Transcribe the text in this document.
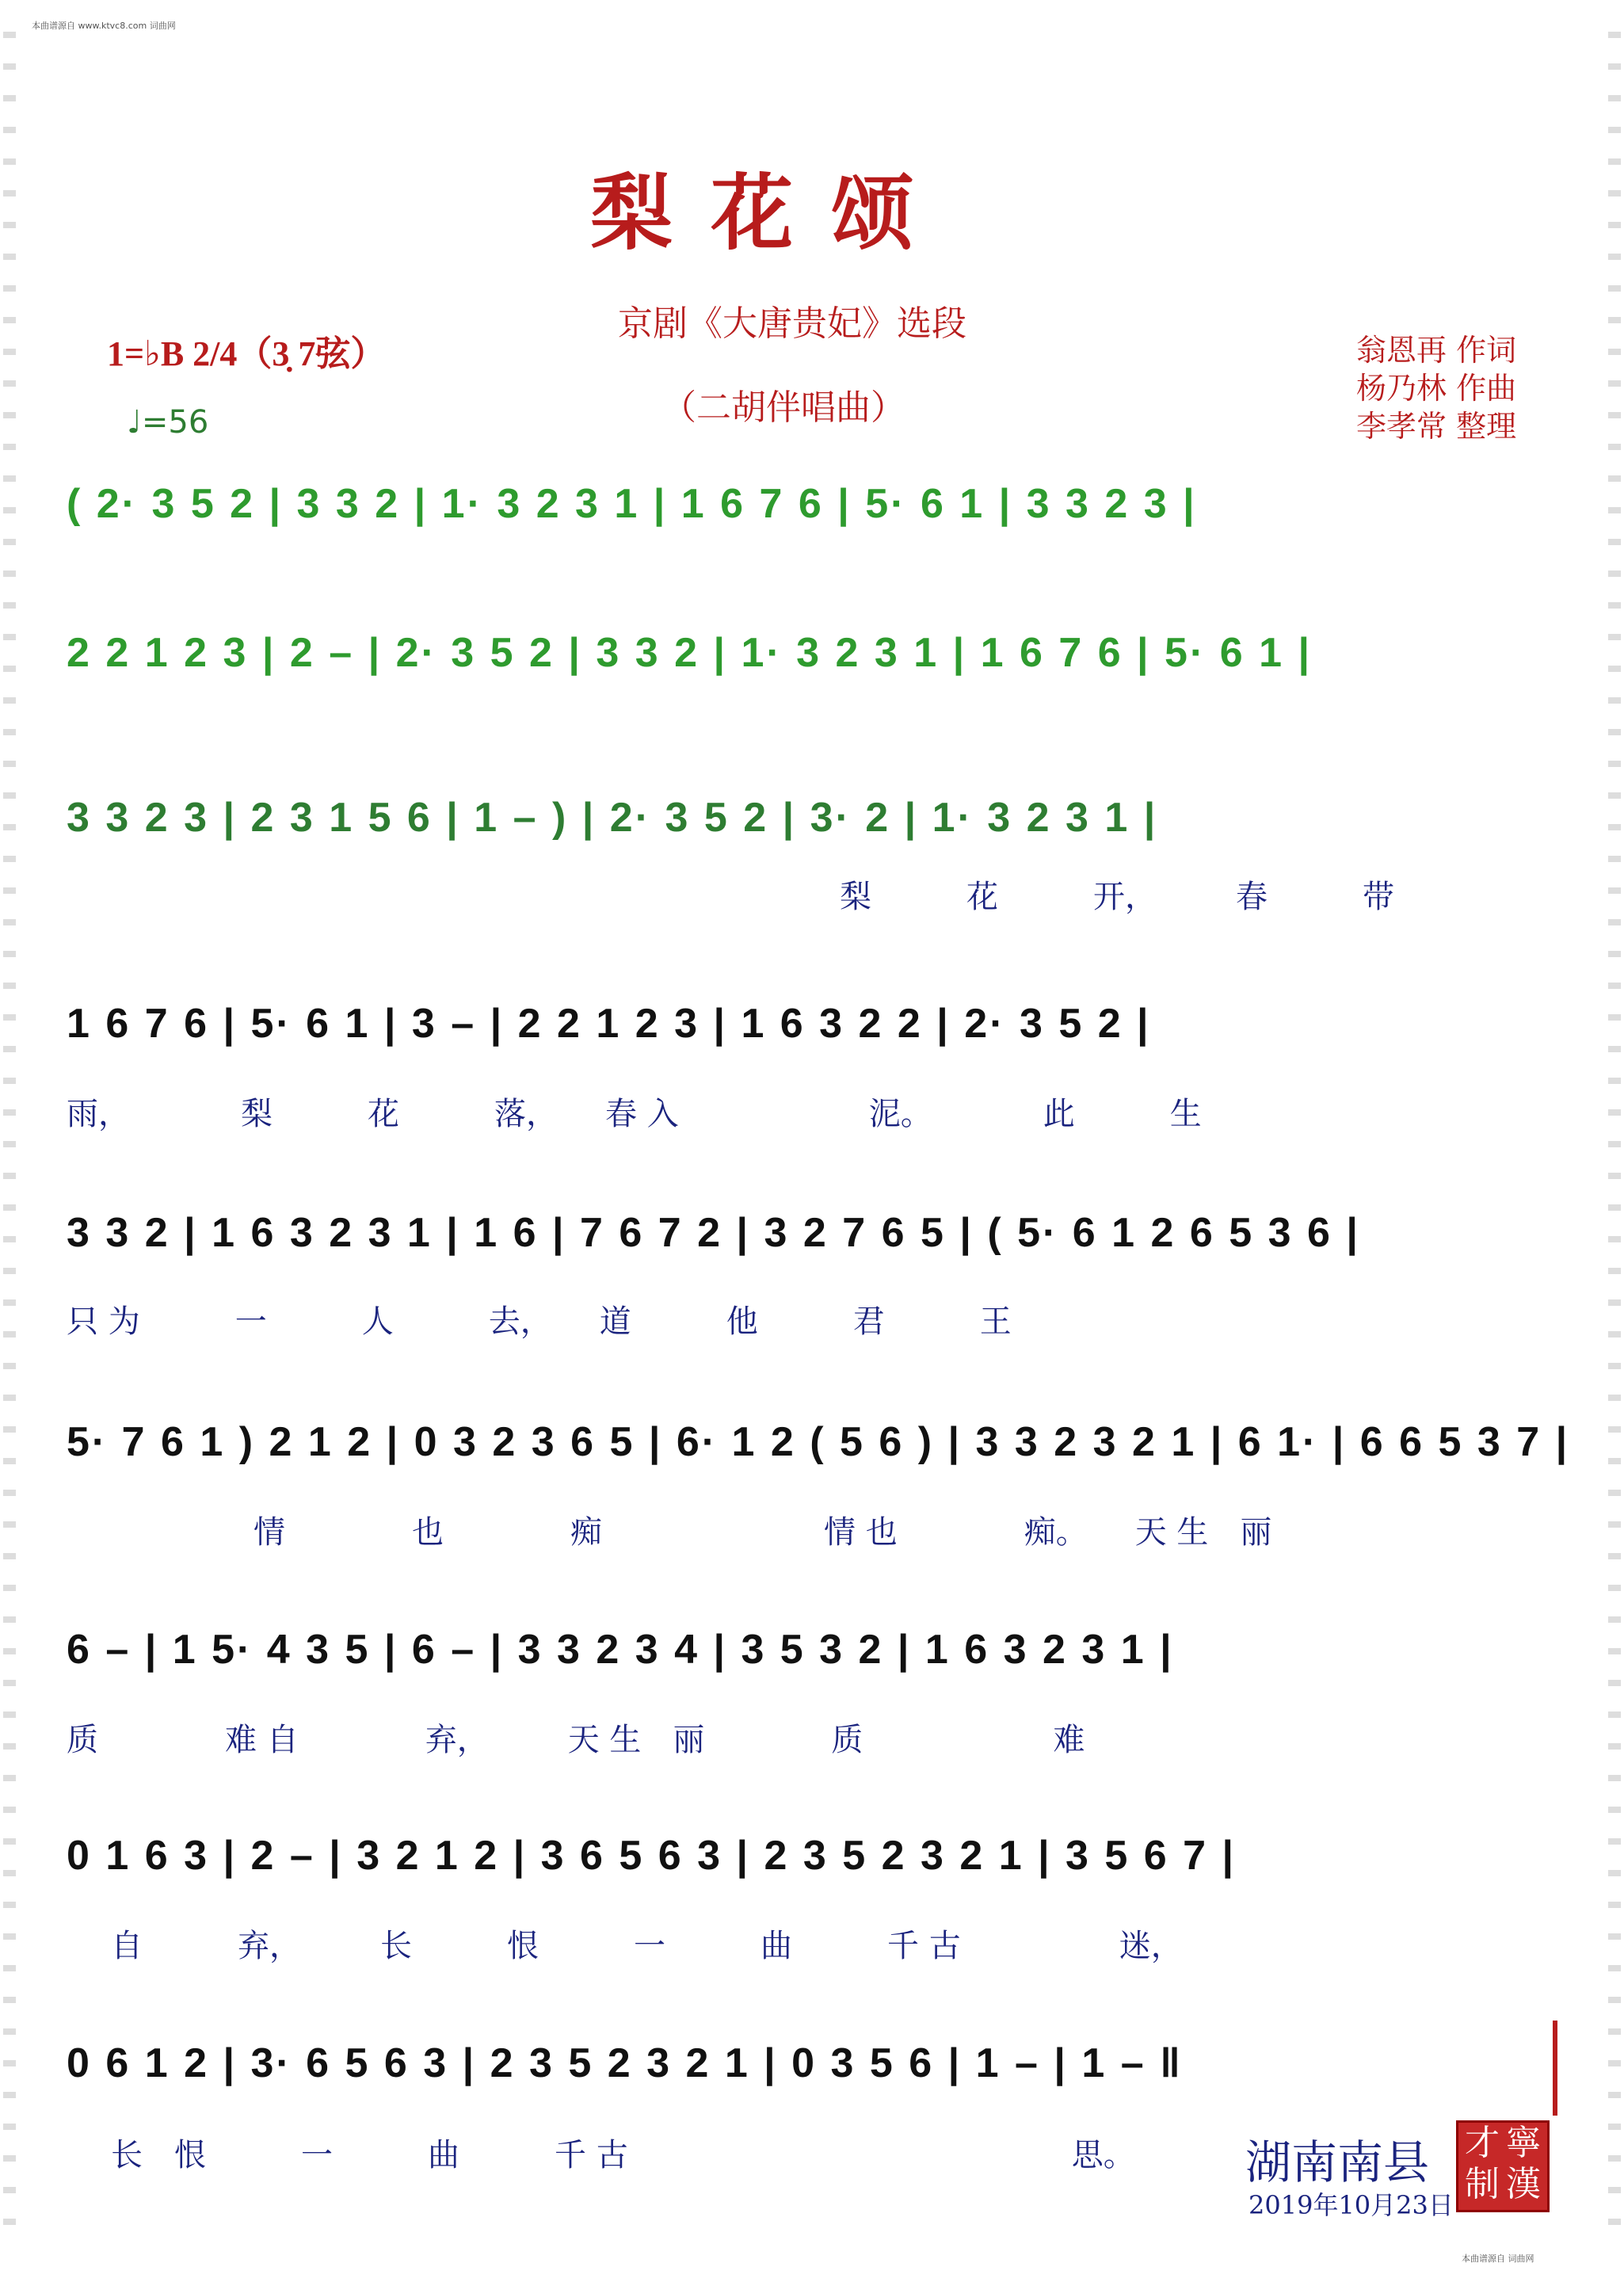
本曲谱源自 www.ktvc8.com 词曲网
梨 花 颂
京剧《大唐贵妃》选段
（二胡伴唱曲）
1=♭B 2/4（3̣ 7弦）
♩=56
翁恩再 作词
杨乃林 作曲
李孝常 整理
( 2· 3 5 2 | 3 3 2 | 1· 3 2 3 1 | 1 6 7 6 | 5· 6 1 | 3 3 2 3 |
2 2 1 2 3 | 2 – | 2· 3 5 2 | 3 3 2 | 1· 3 2 3 1 | 1 6 7 6 | 5· 6 1 |
3 3 2 3 | 2 3 1 5 6 | 1 – ) | 2· 3 5 2 | 3· 2 | 1· 3 2 3 1 |
梨　　　花　　　开，　　　春　　　带
1 6 7 6 | 5· 6 1 | 3 – | 2 2 1 2 3 | 1 6 3 2 2 | 2· 3 5 2 |
雨，　　　　梨　　　花　　　落，　　春 入　　　　　　泥。　　　　此　　　生
3 3 2 | 1 6 3 2 3 1 | 1 6 | 7 6 7 2 | 3 2 7 6 5 | ( 5· 6 1 2 6 5 3 6 |
只 为　　　一　　　人　　　去，　　道　　　他　　　君　　　王
5· 7 6 1 ) 2 1 2 | 0 3 2 3 6 5 | 6· 1 2 ( 5 6 ) | 3 3 2 3 2 1 | 6 1· | 6 6 5 3 7 |
情　　　　也　　　　痴　　　　　　　情 也　　　　痴。　　天 生　丽
6 – | 1 5· 4 3 5 | 6 – | 3 3 2 3 4 | 3 5 3 2 | 1 6 3 2 3 1 |
质　　　　难 自　　　　弃，　　　天 生　丽　　　　质　　　　　　难
0 1 6 3 | 2 – | 3 2 1 2 | 3 6 5 6 3 | 2 3 5 2 3 2 1 | 3 5 6 7 |
自　　　弃，　　　长　　　恨　　　一　　　曲　　　千 古　　　　　迷，
0 6 1 2 | 3· 6 5 6 3 | 2 3 5 2 3 2 1 | 0 3 5 6 | 1 – | 1 – ‖
长　恨　　　一　　　曲　　　千 古　　　　　　　　　　　　　　思。 湖南南县
2019年10月23日
才 寧
制 漢
本曲谱源自 词曲网
